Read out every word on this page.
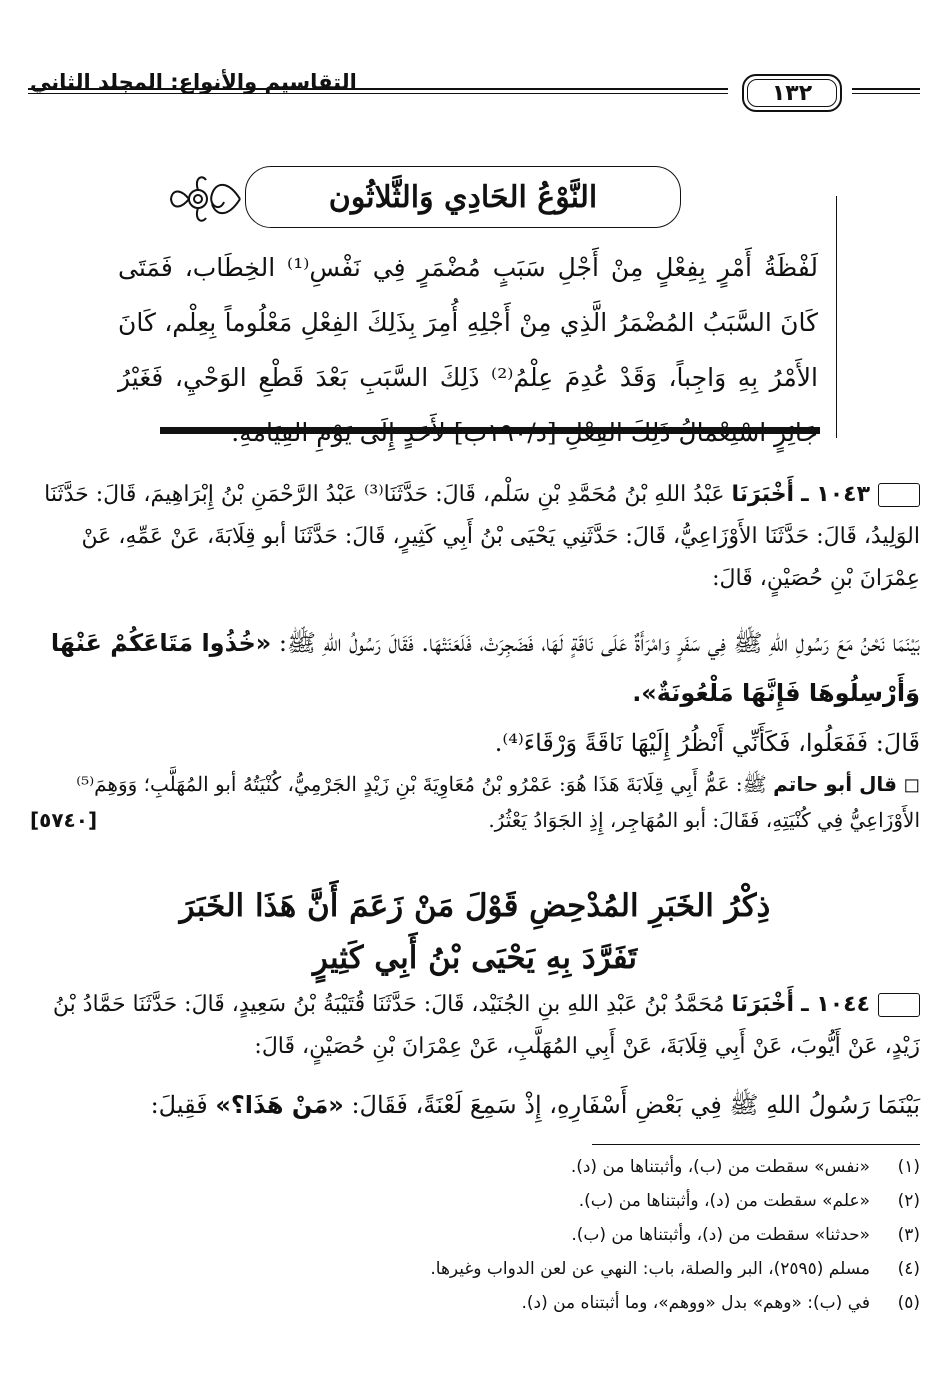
التقاسيم والأنواع: المجلد الثاني	١٣٢
النَّوْعُ الحَادِي وَالثَّلاثُون
لَفْظَةُ أَمْرٍ بِفِعْلٍ مِنْ أَجْلِ سَبَبٍ مُضْمَرٍ فِي نَفْسِ⁽¹⁾ الخِطَاب، فَمَتَى كَانَ السَّبَبُ المُضْمَرُ الَّذِي مِنْ أَجْلِهِ أُمِرَ بِذَلِكَ الفِعْلِ مَعْلُوماً بِعِلْم، كَانَ الأَمْرُ بِهِ وَاجِباً، وَقَدْ عُدِمَ عِلْمُ⁽²⁾ ذَلِكَ السَّبَبِ بَعْدَ قَطْعِ الوَحْيِ، فَغَيْرُ جَائِزٍ اسْتِعْمَالُ ذَلِكَ الفِعْلِ [د/١٩٠ب] لأَحَدٍ إِلَى يَوْمِ القِيَامَةِ.
١٠٤٣ ـ أَخْبَرَنَا عَبْدُ اللهِ بْنُ مُحَمَّدِ بْنِ سَلْم، قَالَ: حَدَّثَنَا⁽³⁾ عَبْدُ الرَّحْمَنِ بْنُ إِبْرَاهِيمَ، قَالَ: حَدَّثَنَا الوَلِيدُ، قَالَ: حَدَّثَنَا الأَوْزَاعِيُّ، قَالَ: حَدَّثَنِي يَحْيَى بْنُ أَبِي كَثِيرٍ، قَالَ: حَدَّثَنَا أبو قِلَابَةَ، عَنْ عَمِّهِ، عَنْ عِمْرَانَ بْنِ حُصَيْنٍ، قَالَ:
بَيْنَمَا نَحْنُ مَعَ رَسُولِ اللهِ ﷺ فِي سَفَرٍ وَامْرَأَةٌ عَلَى نَاقَةٍ لَهَا، فَضَجِرَتْ، فَلَعَنَتْهَا. فَقَالَ رَسُولُ اللهِ ﷺ: «خُذُوا مَتَاعَكُمْ عَنْهَا وَأَرْسِلُوهَا فَإِنَّهَا مَلْعُونَةٌ».
قَالَ: فَفَعَلُوا، فَكَأَنِّي أَنْظُرُ إِلَيْهَا نَاقَةً وَرْقَاءَ⁽⁴⁾.
◻ قال أبو حاتم ﷺ: عَمُّ أَبِي قِلَابَةَ هَذَا هُوَ: عَمْرُو بْنُ مُعَاوِيَةَ بْنِ زَيْدٍ الجَرْمِيُّ، كُنْيَتُهُ أبو المُهَلَّبِ؛ وَوَهِمَ⁽⁵⁾ الأَوْزَاعِيُّ فِي كُنْيَتِهِ، فَقَالَ: أبو المُهَاجِر، إِذِ الجَوَادُ يَعْثُرُ.
[٥٧٤٠]
ذِكْرُ الخَبَرِ المُدْحِضِ قَوْلَ مَنْ زَعَمَ أَنَّ هَذَا الخَبَرَ
تَفَرَّدَ بِهِ يَحْيَى بْنُ أَبِي كَثِيرٍ
١٠٤٤ ـ أَخْبَرَنَا مُحَمَّدُ بْنُ عَبْدِ اللهِ بنِ الجُنَيْد، قَالَ: حَدَّثَنَا قُتَيْبَةُ بْنُ سَعِيدٍ، قَالَ: حَدَّثَنَا حَمَّادُ بْنُ زَيْدٍ، عَنْ أَيُّوبَ، عَنْ أَبِي قِلَابَةَ، عَنْ أَبِي المُهَلَّبِ، عَنْ عِمْرَانَ بْنِ حُصَيْنٍ، قَالَ:
بَيْنَمَا رَسُولُ اللهِ ﷺ فِي بَعْضِ أَسْفَارِهِ، إِذْ سَمِعَ لَعْنَةً، فَقَالَ: «مَنْ هَذَا؟» فَقِيلَ:
(١)
«نفس» سقطت من (ب)، وأثبتناها من (د).
(٢)
«علم» سقطت من (د)، وأثبتناها من (ب).
(٣)
«حدثنا» سقطت من (د)، وأثبتناها من (ب).
(٤)
مسلم (٢٥٩٥)، البر والصلة، باب: النهي عن لعن الدواب وغيرها.
(٥)
في (ب): «وهم» بدل «ووهم»، وما أثبتناه من (د).
